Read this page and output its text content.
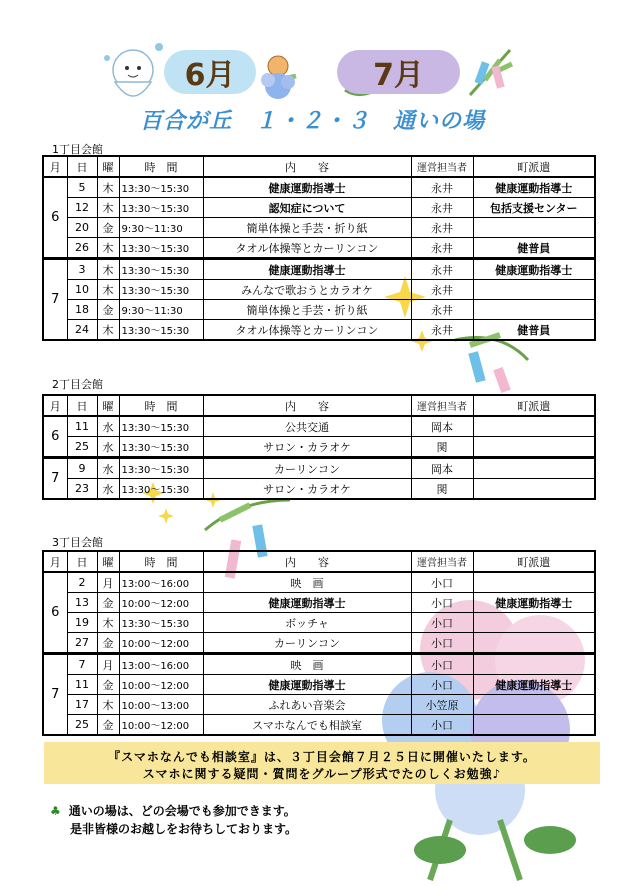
6月	7月
百合が丘　１・２・３　通いの場
1丁目会館
月	日	曜	時　間	内　　容	運営担当者	町派遣
6	5	木	13:30～15:30	健康運動指導士	永井	健康運動指導士
	12	木	13:30～15:30	認知症について	永井	包括支援センター
	20	金	9:30～11:30	簡単体操と手芸・折り紙	永井	
	26	木	13:30～15:30	タオル体操等とカーリンコン	永井	健普員
7	3	木	13:30～15:30	健康運動指導士	永井	健康運動指導士
	10	木	13:30～15:30	みんなで歌おうとカラオケ	永井	
	18	金	9:30～11:30	簡単体操と手芸・折り紙	永井	
	24	木	13:30～15:30	タオル体操等とカーリンコン	永井	健普員
2丁目会館
月	日	曜	時　間	内　　容	運営担当者	町派遣
6	11	水	13:30～15:30	公共交通	岡本	
	25	水	13:30～15:30	サロン・カラオケ	関	
7	9	水	13:30～15:30	カーリンコン	岡本	
	23	水	13:30～15:30	サロン・カラオケ	関	
3丁目会館
月	日	曜	時　間	内　　容	運営担当者	町派遣
6	2	月	13:00～16:00	映　画	小口	
	13	金	10:00～12:00	健康運動指導士	小口	健康運動指導士
	19	木	13:30～15:30	ボッチャ	小口	
	27	金	10:00～12:00	カーリンコン	小口	
7	7	月	13:00～16:00	映　画	小口	
	11	金	10:00～12:00	健康運動指導士	小口	健康運動指導士
	17	木	10:00～13:00	ふれあい音楽会	小笠原	
	25	金	10:00～12:00	スマホなんでも相談室	小口	
『スマホなんでも相談室』は、３丁目会館７月２５日に開催いたします。
スマホに関する疑問・質問をグループ形式でたのしくお勉強♪
♣ 通いの場は、どの会場でも参加できます。
是非皆様のお越しをお待ちしております。
